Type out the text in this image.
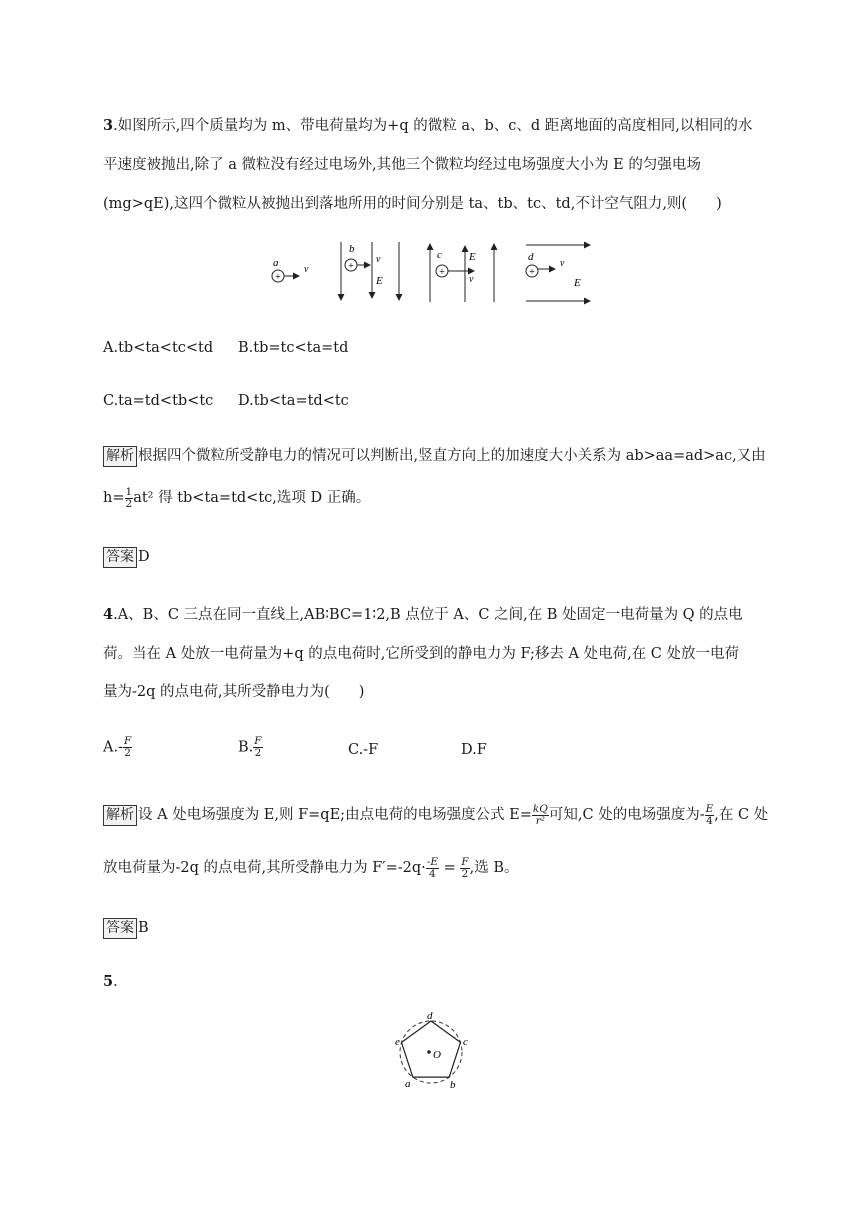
3.如图所示,四个质量均为 m、带电荷量均为+q 的微粒 a、b、c、d 距离地面的高度相同,以相同的水
平速度被抛出,除了 a 微粒没有经过电场外,其他三个微粒均经过电场强度大小为 E 的匀强电场
(mg>qE),这四个微粒从被抛出到落地所用的时间分别是 ta、tb、tc、td,不计空气阻力,则(　　)
+
a
v	+
b
v
E
+
c E
v
+
d
v
E
A.tb<ta<tc<td B.tb=tc<ta=td
C.ta=td<tb<tc D.tb<ta=td<tc
解析 根据四个微粒所受静电力的情况可以判断出,竖直方向上的加速度大小关系为 ab>aa=ad>ac,又由
$h= \frac{1}{2} at^2$ 得 tb<ta=td<tc,选项 D 正确。
答案 D
4.A、B、C 三点在同一直线上,AB∶BC=1∶2,B 点位于 A、C 之间,在 B 处固定一电荷量为 Q 的点电
荷。当在 A 处放一电荷量为+q 的点电荷时,它所受到的静电力为 F;移去 A 处电荷,在 C 处放一电荷
量为-2q 的点电荷,其所受静电力为(　　)
$A.- \frac{F}{2}$	B. $\frac{F}{2}$	C.-F	D.F
解析 设 A 处电场强度为 E,则 F=qE;由点电荷的电场强度公式 $E= \frac{kQ}{\text{r²}}$ 可知,C 处的电场强度为- $\frac{E}{4}$ ,在 C 处
放电荷量为-2q 的点电荷,其所受静电力为 $F'=-2q\cdot \frac{-E}{4} = \frac{F}{2}$ ,选 B。
答案 B
5.
O
d
c
b
a
e
